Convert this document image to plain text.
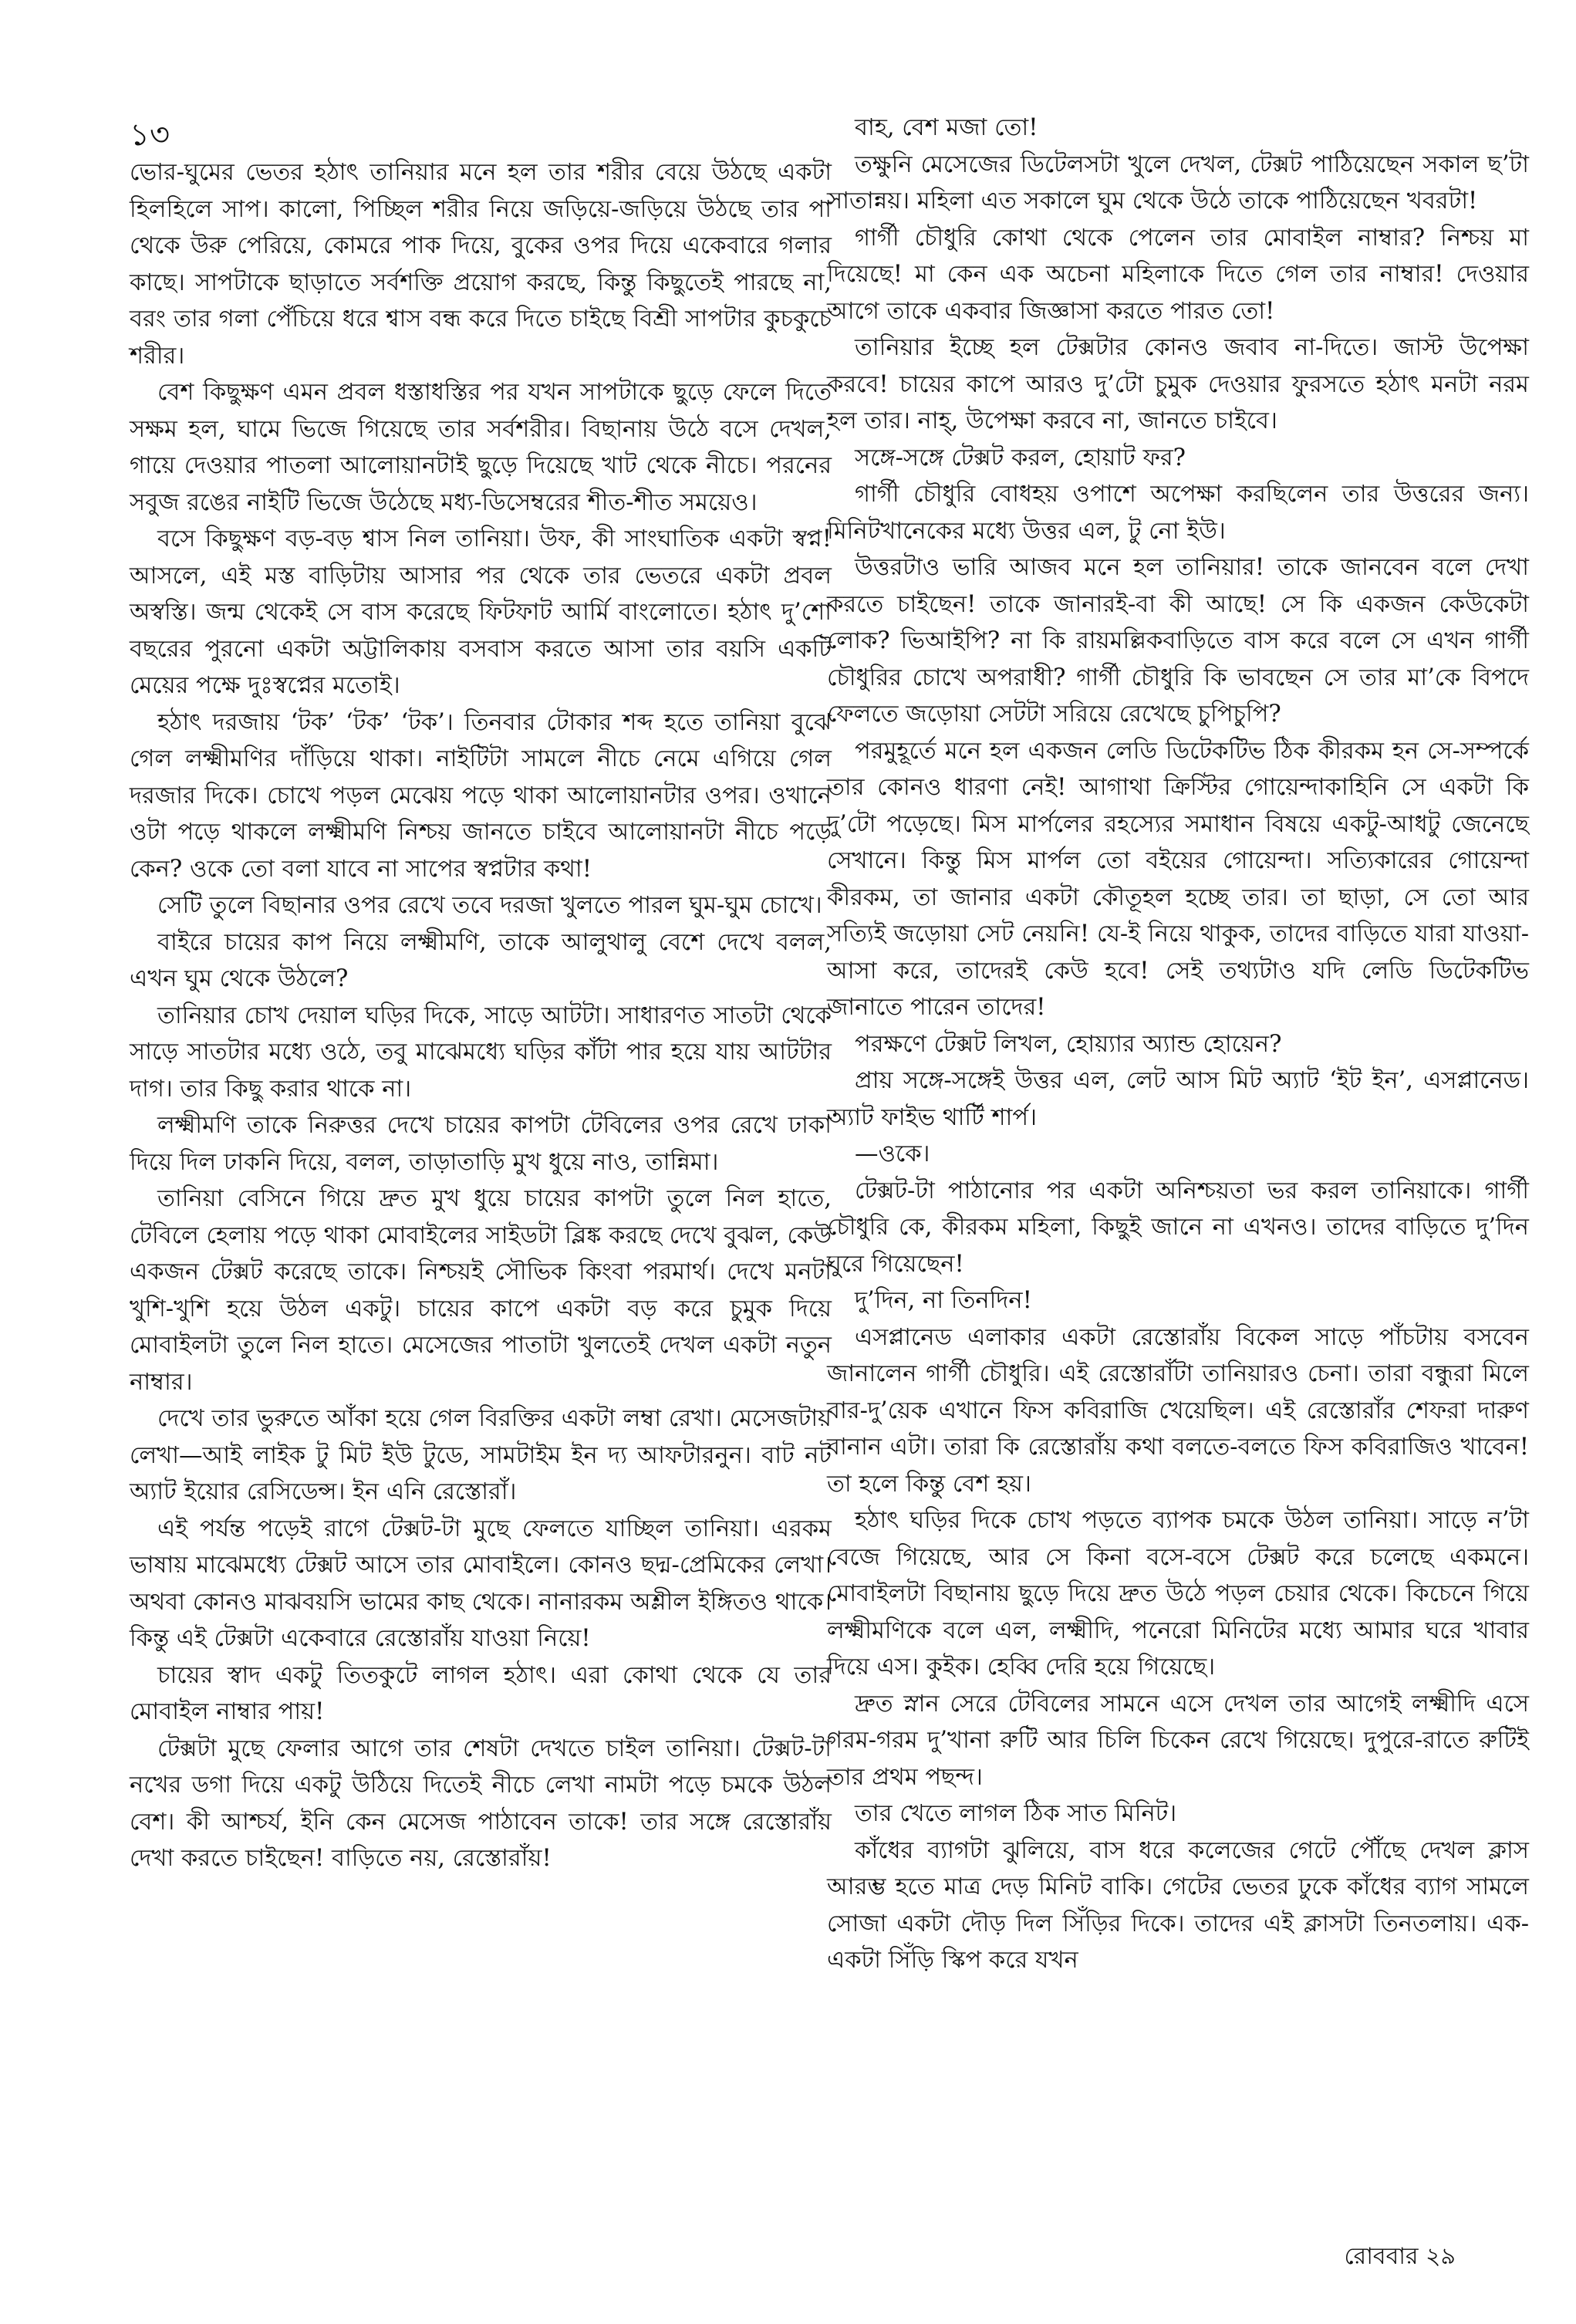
১৩

ভোর-ঘুমের ভেতর হঠাৎ তানিয়ার মনে হল তার শরীর বেয়ে উঠছে একটা হিলহিলে সাপ। কালো, পিচ্ছিল শরীর নিয়ে জড়িয়ে-জড়িয়ে উঠছে তার পা থেকে উরু পেরিয়ে, কোমরে পাক দিয়ে, বুকের ওপর দিয়ে একেবারে গলার কাছে। সাপটাকে ছাড়াতে সর্বশক্তি প্রয়োগ করছে, কিন্তু কিছুতেই পারছে না, বরং তার গলা পেঁচিয়ে ধরে শ্বাস বন্ধ করে দিতে চাইছে বিশ্রী সাপটার কুচকুচে শরীর।

বেশ কিছুক্ষণ এমন প্রবল ধস্তাধস্তির পর যখন সাপটাকে ছুড়ে ফেলে দিতে সক্ষম হল, ঘামে ভিজে গিয়েছে তার সর্বশরীর। বিছানায় উঠে বসে দেখল, গায়ে দেওয়ার পাতলা আলোয়ানটাই ছুড়ে দিয়েছে খাট থেকে নীচে। পরনের সবুজ রঙের নাইটি ভিজে উঠেছে মধ্য-ডিসেম্বরের শীত-শীত সময়েও।

বসে কিছুক্ষণ বড়-বড় শ্বাস নিল তানিয়া। উফ, কী সাংঘাতিক একটা স্বপ্ন! আসলে, এই মস্ত বাড়িটায় আসার পর থেকে তার ভেতরে একটা প্রবল অস্বস্তি। জন্ম থেকেই সে বাস করেছে ফিটফাট আর্মি বাংলোতে। হঠাৎ দু’শো বছরের পুরনো একটা অট্টালিকায় বসবাস করতে আসা তার বয়সি একটি মেয়ের পক্ষে দুঃস্বপ্নের মতোই।

হঠাৎ দরজায় ‘টক’ ‘টক’ ‘টক’। তিনবার টোকার শব্দ হতে তানিয়া বুঝে গেল লক্ষ্মীমণির দাঁড়িয়ে থাকা। নাইটিটা সামলে নীচে নেমে এগিয়ে গেল দরজার দিকে। চোখে পড়ল মেঝেয় পড়ে থাকা আলোয়ানটার ওপর। ওখানে ওটা পড়ে থাকলে লক্ষ্মীমণি নিশ্চয় জানতে চাইবে আলোয়ানটা নীচে পড়ে কেন? ওকে তো বলা যাবে না সাপের স্বপ্নটার কথা!

সেটি তুলে বিছানার ওপর রেখে তবে দরজা খুলতে পারল ঘুম-ঘুম চোখে।

বাইরে চায়ের কাপ নিয়ে লক্ষ্মীমণি, তাকে আলুথালু বেশে দেখে বলল, এখন ঘুম থেকে উঠলে?

তানিয়ার চোখ দেয়াল ঘড়ির দিকে, সাড়ে আটটা। সাধারণত সাতটা থেকে সাড়ে সাতটার মধ্যে ওঠে, তবু মাঝেমধ্যে ঘড়ির কাঁটা পার হয়ে যায় আটটার দাগ। তার কিছু করার থাকে না।

লক্ষ্মীমণি তাকে নিরুত্তর দেখে চায়ের কাপটা টেবিলের ওপর রেখে ঢাকা দিয়ে দিল ঢাকনি দিয়ে, বলল, তাড়াতাড়ি মুখ ধুয়ে নাও, তান্নিমা।

তানিয়া বেসিনে গিয়ে দ্রুত মুখ ধুয়ে চায়ের কাপটা তুলে নিল হাতে, টেবিলে হেলায় পড়ে থাকা মোবাইলের সাইডটা ব্লিঙ্ক করছে দেখে বুঝল, কেউ একজন টেক্সট করেছে তাকে। নিশ্চয়ই সৌভিক কিংবা পরমার্থ। দেখে মনটা খুশি-খুশি হয়ে উঠল একটু। চায়ের কাপে একটা বড় করে চুমুক দিয়ে মোবাইলটা তুলে নিল হাতে। মেসেজের পাতাটা খুলতেই দেখল একটা নতুন নাম্বার।

দেখে তার ভুরুতে আঁকা হয়ে গেল বিরক্তির একটা লম্বা রেখা। মেসেজটায় লেখা—আই লাইক টু মিট ইউ টুডে, সামটাইম ইন দ্য আফটারনুন। বাট নট অ্যাট ইয়োর রেসিডেন্স। ইন এনি রেস্তোরাঁ।

এই পর্যন্ত পড়েই রাগে টেক্সট-টা মুছে ফেলতে যাচ্ছিল তানিয়া। এরকম ভাষায় মাঝেমধ্যে টেক্সট আসে তার মোবাইলে। কোনও ছদ্ম-প্রেমিকের লেখা। অথবা কোনও মাঝবয়সি ভামের কাছ থেকে। নানারকম অশ্লীল ইঙ্গিতও থাকে। কিন্তু এই টেক্সটা একেবারে রেস্তোরাঁয় যাওয়া নিয়ে!

চায়ের স্বাদ একটু তিতকুটে লাগল হঠাৎ। এরা কোথা থেকে যে তার মোবাইল নাম্বার পায়!

টেক্সটা মুছে ফেলার আগে তার শেষটা দেখতে চাইল তানিয়া। টেক্সট-টা নখের ডগা দিয়ে একটু উঠিয়ে দিতেই নীচে লেখা নামটা পড়ে চমকে উঠল বেশ। কী আশ্চর্য, ইনি কেন মেসেজ পাঠাবেন তাকে! তার সঙ্গে রেস্তোরাঁয় দেখা করতে চাইছেন! বাড়িতে নয়, রেস্তোরাঁয়!

বাহ, বেশ মজা তো!

তক্ষুনি মেসেজের ডিটেলসটা খুলে দেখল, টেক্সট পাঠিয়েছেন সকাল ছ’টা সাতান্নয়। মহিলা এত সকালে ঘুম থেকে উঠে তাকে পাঠিয়েছেন খবরটা!

গার্গী চৌধুরি কোথা থেকে পেলেন তার মোবাইল নাম্বার? নিশ্চয় মা দিয়েছে! মা কেন এক অচেনা মহিলাকে দিতে গেল তার নাম্বার! দেওয়ার আগে তাকে একবার জিজ্ঞাসা করতে পারত তো!

তানিয়ার ইচ্ছে হল টেক্সটার কোনও জবাব না-দিতে। জাস্ট উপেক্ষা করবে! চায়ের কাপে আরও দু’টো চুমুক দেওয়ার ফুরসতে হঠাৎ মনটা নরম হল তার। নাহ্, উপেক্ষা করবে না, জানতে চাইবে।

সঙ্গে-সঙ্গে টেক্সট করল, হোয়াট ফর?

গার্গী চৌধুরি বোধহয় ওপাশে অপেক্ষা করছিলেন তার উত্তরের জন্য। মিনিটখানেকের মধ্যে উত্তর এল, টু নো ইউ।

উত্তরটাও ভারি আজব মনে হল তানিয়ার! তাকে জানবেন বলে দেখা করতে চাইছেন! তাকে জানারই-বা কী আছে! সে কি একজন কেউকেটা লোক? ভিআইপি? না কি রায়মল্লিকবাড়িতে বাস করে বলে সে এখন গার্গী চৌধুরির চোখে অপরাধী? গার্গী চৌধুরি কি ভাবছেন সে তার মা’কে বিপদে ফেলতে জড়োয়া সেটটা সরিয়ে রেখেছে চুপিচুপি?

পরমুহূর্তে মনে হল একজন লেডি ডিটেকটিভ ঠিক কীরকম হন সে-সম্পর্কে তার কোনও ধারণা নেই! আগাথা ক্রিস্টির গোয়েন্দাকাহিনি সে একটা কি দু’টো পড়েছে। মিস মার্পলের রহস্যের সমাধান বিষয়ে একটু-আধটু জেনেছে সেখানে। কিন্তু মিস মার্পল তো বইয়ের গোয়েন্দা। সত্যিকারের গোয়েন্দা কীরকম, তা জানার একটা কৌতূহল হচ্ছে তার। তা ছাড়া, সে তো আর সত্যিই জড়োয়া সেট নেয়নি! যে-ই নিয়ে থাকুক, তাদের বাড়িতে যারা যাওয়া-আসা করে, তাদেরই কেউ হবে! সেই তথ্যটাও যদি লেডি ডিটেকটিভ জানাতে পারেন তাদের!

পরক্ষণে টেক্সট লিখল, হোয়্যার অ্যান্ড হোয়েন?

প্রায় সঙ্গে-সঙ্গেই উত্তর এল, লেট আস মিট অ্যাট ‘ইট ইন’, এসপ্লানেড। অ্যাট ফাইভ থার্টি শার্প।

—ওকে।

টেক্সট-টা পাঠানোর পর একটা অনিশ্চয়তা ভর করল তানিয়াকে। গার্গী চৌধুরি কে, কীরকম মহিলা, কিছুই জানে না এখনও। তাদের বাড়িতে দু’দিন ঘুরে গিয়েছেন!

দু’দিন, না তিনদিন!

এসপ্লানেড এলাকার একটা রেস্তোরাঁয় বিকেল সাড়ে পাঁচটায় বসবেন জানালেন গার্গী চৌধুরি। এই রেস্তোরাঁটা তানিয়ারও চেনা। তারা বন্ধুরা মিলে বার-দু’য়েক এখানে ফিস কবিরাজি খেয়েছিল। এই রেস্তোরাঁর শেফরা দারুণ বানান এটা। তারা কি রেস্তোরাঁয় কথা বলতে-বলতে ফিস কবিরাজিও খাবেন! তা হলে কিন্তু বেশ হয়।

হঠাৎ ঘড়ির দিকে চোখ পড়তে ব্যাপক চমকে উঠল তানিয়া। সাড়ে ন’টা বেজে গিয়েছে, আর সে কিনা বসে-বসে টেক্সট করে চলেছে একমনে। মোবাইলটা বিছানায় ছুড়ে দিয়ে দ্রুত উঠে পড়ল চেয়ার থেকে। কিচেনে গিয়ে লক্ষ্মীমণিকে বলে এল, লক্ষ্মীদি, পনেরো মিনিটের মধ্যে আমার ঘরে খাবার দিয়ে এস। কুইক। হেব্বি দেরি হয়ে গিয়েছে।

দ্রুত স্নান সেরে টেবিলের সামনে এসে দেখল তার আগেই লক্ষ্মীদি এসে গরম-গরম দু’খানা রুটি আর চিলি চিকেন রেখে গিয়েছে। দুপুরে-রাতে রুটিই তার প্রথম পছন্দ।

তার খেতে লাগল ঠিক সাত মিনিট।

কাঁধের ব্যাগটা ঝুলিয়ে, বাস ধরে কলেজের গেটে পৌঁছে দেখল ক্লাস আরম্ভ হতে মাত্র দেড় মিনিট বাকি। গেটের ভেতর ঢুকে কাঁধের ব্যাগ সামলে সোজা একটা দৌড় দিল সিঁড়ির দিকে। তাদের এই ক্লাসটা তিনতলায়। এক-একটা সিঁড়ি স্কিপ করে যখন

রোববার ২৯
